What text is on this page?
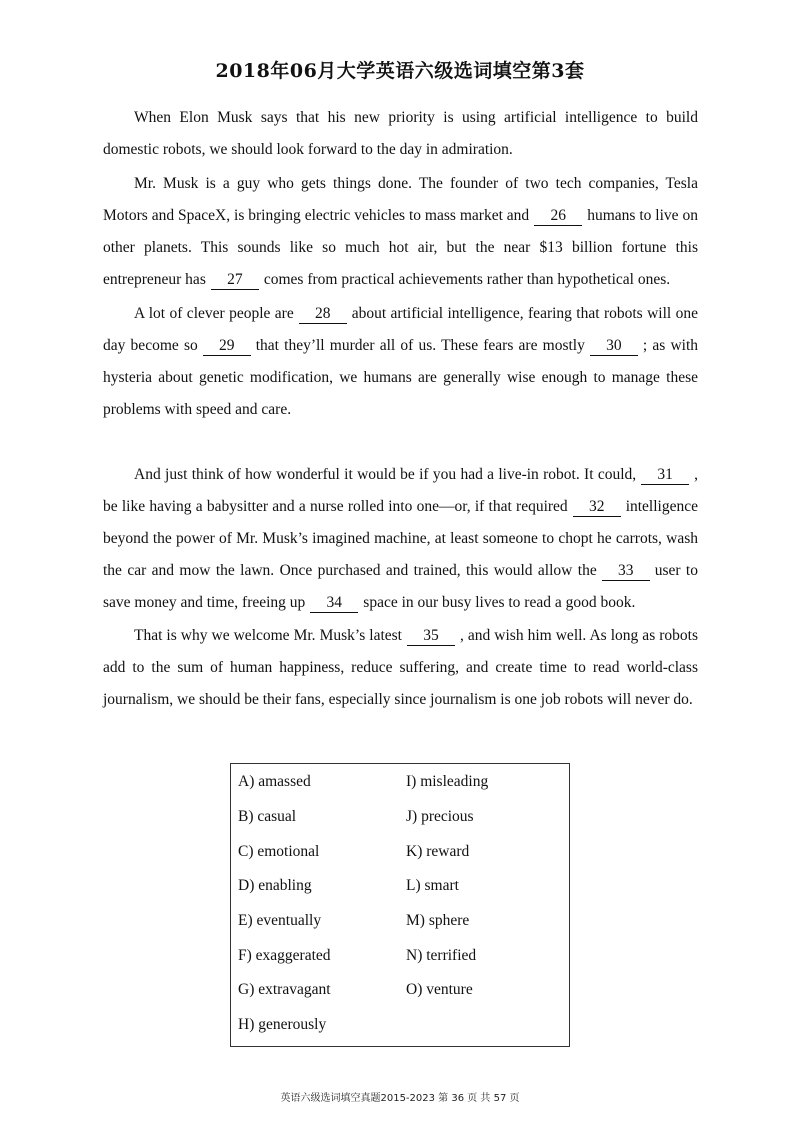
2018年06月大学英语六级选词填空第3套

When Elon Musk says that his new priority is using artificial intelligence to build domestic robots, we should look forward to the day in admiration.

Mr. Musk is a guy who gets things done. The founder of two tech companies, Tesla Motors and SpaceX, is bringing electric vehicles to mass market and 26 humans to live on other planets. This sounds like so much hot air, but the near $13 billion fortune this entrepreneur has 27 comes from practical achievements rather than hypothetical ones.

A lot of clever people are 28 about artificial intelligence, fearing that robots will one day become so 29 that they’ll murder all of us. These fears are mostly 30 ; as with hysteria about genetic modification, we humans are generally wise enough to manage these problems with speed and care.

And just think of how wonderful it would be if you had a live-in robot. It could, 31 , be like having a babysitter and a nurse rolled into one—or, if that required 32 intelligence beyond the power of Mr. Musk’s imagined machine, at least someone to chopt he carrots, wash the car and mow the lawn. Once purchased and trained, this would allow the 33 user to save money and time, freeing up 34 space in our busy lives to read a good book.

That is why we welcome Mr. Musk’s latest 35 , and wish him well. As long as robots add to the sum of human happiness, reduce suffering, and create time to read world-class journalism, we should be their fans, especially since journalism is one job robots will never do.

A) amassed
B) casual
C) emotional
D) enabling
E) eventually
F) exaggerated
G) extravagant
H) generously
I) misleading
J) precious
K) reward
L) smart
M) sphere
N) terrified
O) venture
英语六级选词填空真题2015-2023 第 36 页 共 57 页
